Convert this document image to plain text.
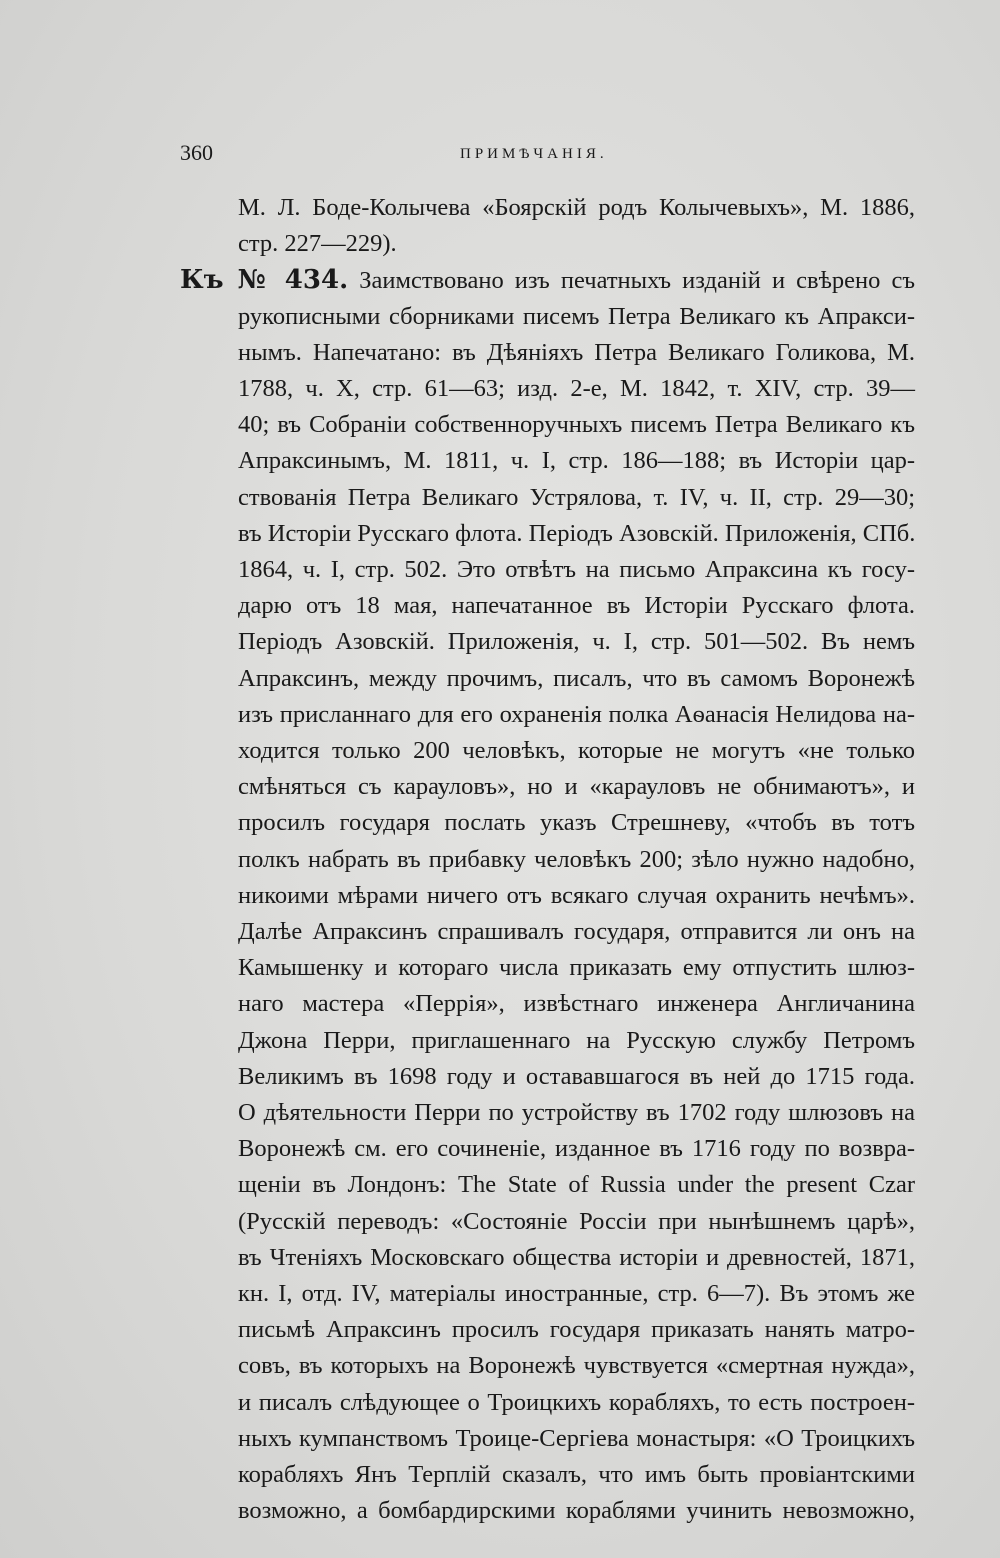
360	ПРИМѢЧАНІЯ.
М. Л. Боде-Колычева «Боярскій родъ Колычевыхъ», М. 1886,
стр. 227—229).
Къ № 434. Заимствовано изъ печатныхъ изданій и свѣрено съ
рукописными сборниками писемъ Петра Великаго къ Апракси-
нымъ. Напечатано: въ Дѣяніяхъ Петра Великаго Голикова, М.
1788, ч. X, стр. 61—63; изд. 2-е, М. 1842, т. XIV, стр. 39—
40; въ Собраніи собственноручныхъ писемъ Петра Великаго къ
Апраксинымъ, М. 1811, ч. I, стр. 186—188; въ Исторіи цар-
ствованія Петра Великаго Устрялова, т. IV, ч. II, стр. 29—30;
въ Исторіи Русскаго флота. Періодъ Азовскій. Приложенія, СПб.
1864, ч. I, стр. 502. Это отвѣтъ на письмо Апраксина къ госу-
дарю отъ 18 мая, напечатанное въ Исторіи Русскаго флота.
Періодъ Азовскій. Приложенія, ч. I, стр. 501—502. Въ немъ
Апраксинъ, между прочимъ, писалъ, что въ самомъ Воронежѣ
изъ присланнаго для его охраненія полка Аѳанасія Нелидова на-
ходится только 200 человѣкъ, которые не могутъ «не только
смѣняться съ карауловъ», но и «карауловъ не обнимаютъ», и
просилъ государя послать указъ Стрешневу, «чтобъ въ тотъ
полкъ набрать въ прибавку человѣкъ 200; зѣло нужно надобно,
никоими мѣрами ничего отъ всякаго случая охранить нечѣмъ».
Далѣе Апраксинъ спрашивалъ государя, отправится ли онъ на
Камышенку и котораго числа приказать ему отпустить шлюз-
наго мастера «Перрія», извѣстнаго инженера Англичанина
Джона Перри, приглашеннаго на Русскую службу Петромъ
Великимъ въ 1698 году и остававшагося въ ней до 1715 года.
О дѣятельности Перри по устройству въ 1702 году шлюзовъ на
Воронежѣ см. его сочиненіе, изданное въ 1716 году по возвра-
щеніи въ Лондонъ: The State of Russia under the present Czar
(Русскій переводъ: «Состояніе Россіи при нынѣшнемъ царѣ»,
въ Чтеніяхъ Московскаго общества исторіи и древностей, 1871,
кн. I, отд. IV, матеріалы иностранные, стр. 6—7). Въ этомъ же
письмѣ Апраксинъ просилъ государя приказать нанять матро-
совъ, въ которыхъ на Воронежѣ чувствуется «смертная нужда»,
и писалъ слѣдующее о Троицкихъ корабляхъ, то есть построен-
ныхъ кумпанствомъ Троице-Сергіева монастыря: «О Троицкихъ
корабляхъ Янъ Терплій сказалъ, что имъ быть провіантскими
возможно, а бомбардирскими кораблями учинить невозможно,
